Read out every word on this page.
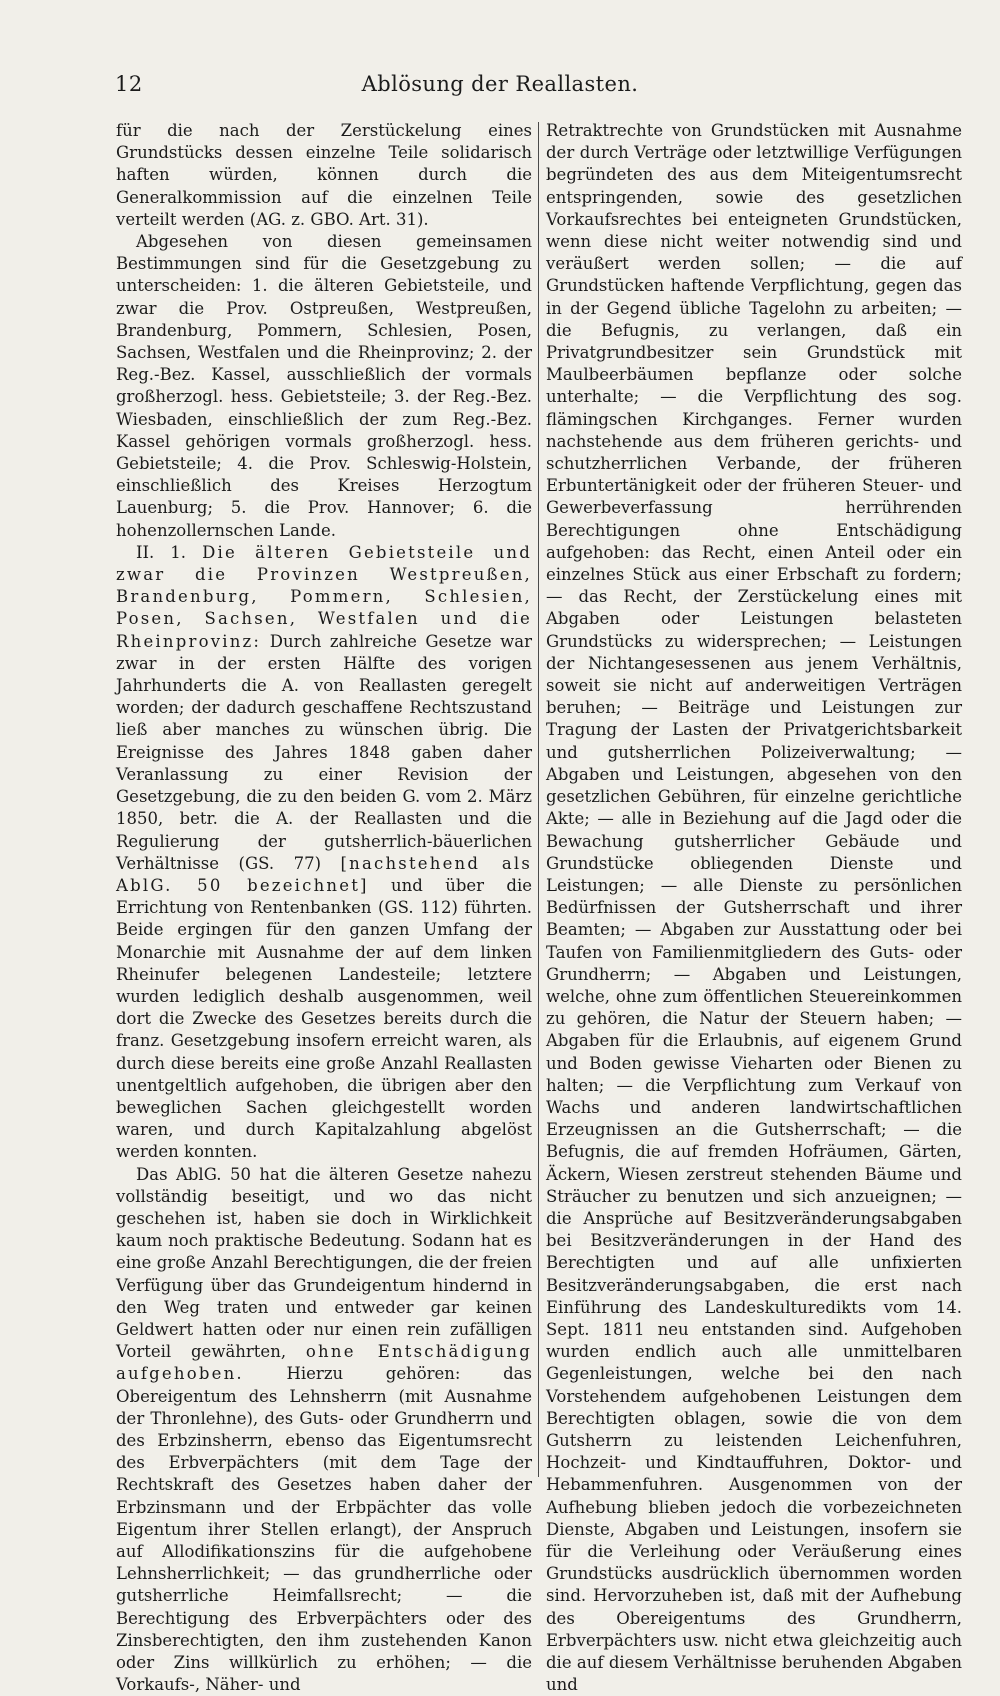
12	Ablösung der Reallasten.

für die nach der Zerstückelung eines Grundstücks dessen einzelne Teile solidarisch haften würden, können durch die Generalkommission auf die einzelnen Teile verteilt werden (AG. z. GBO. Art. 31).

Abgesehen von diesen gemeinsamen Bestimmungen sind für die Gesetzgebung zu unterscheiden: 1. die älteren Gebietsteile, und zwar die Prov. Ostpreußen, Westpreußen, Brandenburg, Pommern, Schlesien, Posen, Sachsen, Westfalen und die Rheinprovinz; 2. der Reg.-Bez. Kassel, ausschließlich der vormals großherzogl. hess. Gebietsteile; 3. der Reg.-Bez. Wiesbaden, einschließlich der zum Reg.-Bez. Kassel gehörigen vormals großherzogl. hess. Gebietsteile; 4. die Prov. Schleswig-Holstein, einschließlich des Kreises Herzogtum Lauenburg; 5. die Prov. Hannover; 6. die hohenzollernschen Lande.

II. 1. Die älteren Gebietsteile und zwar die Provinzen Westpreußen, Brandenburg, Pommern, Schlesien, Posen, Sachsen, Westfalen und die Rheinprovinz: Durch zahlreiche Gesetze war zwar in der ersten Hälfte des vorigen Jahrhunderts die A. von Reallasten geregelt worden; der dadurch geschaffene Rechtszustand ließ aber manches zu wünschen übrig. Die Ereignisse des Jahres 1848 gaben daher Veranlassung zu einer Revision der Gesetzgebung, die zu den beiden G. vom 2. März 1850, betr. die A. der Reallasten und die Regulierung der gutsherrlich-bäuerlichen Verhältnisse (GS. 77) [nachstehend als AblG. 50 bezeichnet] und über die Errichtung von Rentenbanken (GS. 112) führten. Beide ergingen für den ganzen Umfang der Monarchie mit Ausnahme der auf dem linken Rheinufer belegenen Landesteile; letztere wurden lediglich deshalb ausgenommen, weil dort die Zwecke des Gesetzes bereits durch die franz. Gesetzgebung insofern erreicht waren, als durch diese bereits eine große Anzahl Reallasten unentgeltlich aufgehoben, die übrigen aber den beweglichen Sachen gleichgestellt worden waren, und durch Kapitalzahlung abgelöst werden konnten.

Das AblG. 50 hat die älteren Gesetze nahezu vollständig beseitigt, und wo das nicht geschehen ist, haben sie doch in Wirklichkeit kaum noch praktische Bedeutung. Sodann hat es eine große Anzahl Berechtigungen, die der freien Verfügung über das Grundeigentum hindernd in den Weg traten und entweder gar keinen Geldwert hatten oder nur einen rein zufälligen Vorteil gewährten, ohne Entschädigung aufgehoben.	Hierzu gehören: das Obereigentum des Lehnsherrn (mit Ausnahme der Thronlehne), des Guts- oder Grundherrn und des Erbzinsherrn, ebenso das Eigentumsrecht des Erbverpächters (mit dem Tage der Rechtskraft des Gesetzes haben daher der Erbzinsmann und der Erbpächter das volle Eigentum ihrer Stellen erlangt), der Anspruch auf Allodifikationszins für die aufgehobene Lehnsherrlichkeit; — das grundherrliche oder gutsherrliche Heimfallsrecht; — die Berechtigung des Erbverpächters oder des Zinsberechtigten, den ihm zustehenden Kanon oder Zins willkürlich zu erhöhen; — die Vorkaufs-, Näher- und

Retraktrechte von Grundstücken mit Ausnahme der durch Verträge oder letztwillige Verfügungen begründeten des aus dem Miteigentumsrecht entspringenden, sowie des gesetzlichen Vorkaufsrechtes bei enteigneten Grundstücken, wenn diese nicht weiter notwendig sind und veräußert werden sollen; — die auf Grundstücken haftende Verpflichtung, gegen das in der Gegend übliche Tagelohn zu arbeiten; — die Befugnis, zu verlangen, daß ein Privatgrundbesitzer sein Grundstück mit Maulbeerbäumen bepflanze oder solche unterhalte; — die Verpflichtung des sog. flämingschen Kirchganges. Ferner wurden nachstehende aus dem früheren gerichts- und schutzherrlichen Verbande, der früheren Erbuntertänigkeit oder der früheren Steuer- und Gewerbeverfassung herrührenden Berechtigungen ohne Entschädigung aufgehoben: das Recht, einen Anteil oder ein einzelnes Stück aus einer Erbschaft zu fordern; — das Recht, der Zerstückelung eines mit Abgaben oder Leistungen belasteten Grundstücks zu widersprechen; — Leistungen der Nichtangesessenen aus jenem Verhältnis, soweit sie nicht auf anderweitigen Verträgen beruhen; — Beiträge und Leistungen zur Tragung der Lasten der Privatgerichtsbarkeit und gutsherrlichen Polizeiverwaltung; — Abgaben und Leistungen, abgesehen von den gesetzlichen Gebühren, für einzelne gerichtliche Akte; — alle in Beziehung auf die Jagd oder die Bewachung gutsherrlicher Gebäude und Grundstücke obliegenden Dienste und Leistungen; — alle Dienste zu persönlichen Bedürfnissen der Gutsherrschaft und ihrer Beamten; — Abgaben zur Ausstattung oder bei Taufen von Familienmitgliedern des Guts- oder Grundherrn; — Abgaben und Leistungen, welche, ohne zum öffentlichen Steuereinkommen zu gehören, die Natur der Steuern haben; — Abgaben für die Erlaubnis, auf eigenem Grund und Boden gewisse Vieharten oder Bienen zu halten; — die Verpflichtung zum Verkauf von Wachs und anderen landwirtschaftlichen Erzeugnissen an die Gutsherrschaft; — die Befugnis, die auf fremden Hofräumen, Gärten, Äckern, Wiesen zerstreut stehenden Bäume und Sträucher zu benutzen und sich anzueignen; — die Ansprüche auf Besitzveränderungsabgaben bei Besitzveränderungen in der Hand des Berechtigten und auf alle unfixierten Besitzveränderungsabgaben, die erst nach Einführung des Landeskulturedikts vom 14. Sept. 1811 neu entstanden sind. Aufgehoben wurden endlich auch alle unmittelbaren Gegenleistungen, welche bei den nach Vorstehendem aufgehobenen Leistungen dem Berechtigten oblagen, sowie die von dem Gutsherrn zu leistenden Leichenfuhren, Hochzeit- und Kindtauffuhren, Doktor- und Hebammenfuhren. Ausgenommen von der Aufhebung blieben jedoch die vorbezeichneten Dienste, Abgaben und Leistungen, insofern sie für die Verleihung oder Veräußerung eines Grundstücks ausdrücklich übernommen worden sind. Hervorzuheben ist, daß mit der Aufhebung des Obereigentums des Grundherrn, Erbverpächters usw. nicht etwa gleichzeitig auch die auf diesem Verhältnisse beruhenden Abgaben und
